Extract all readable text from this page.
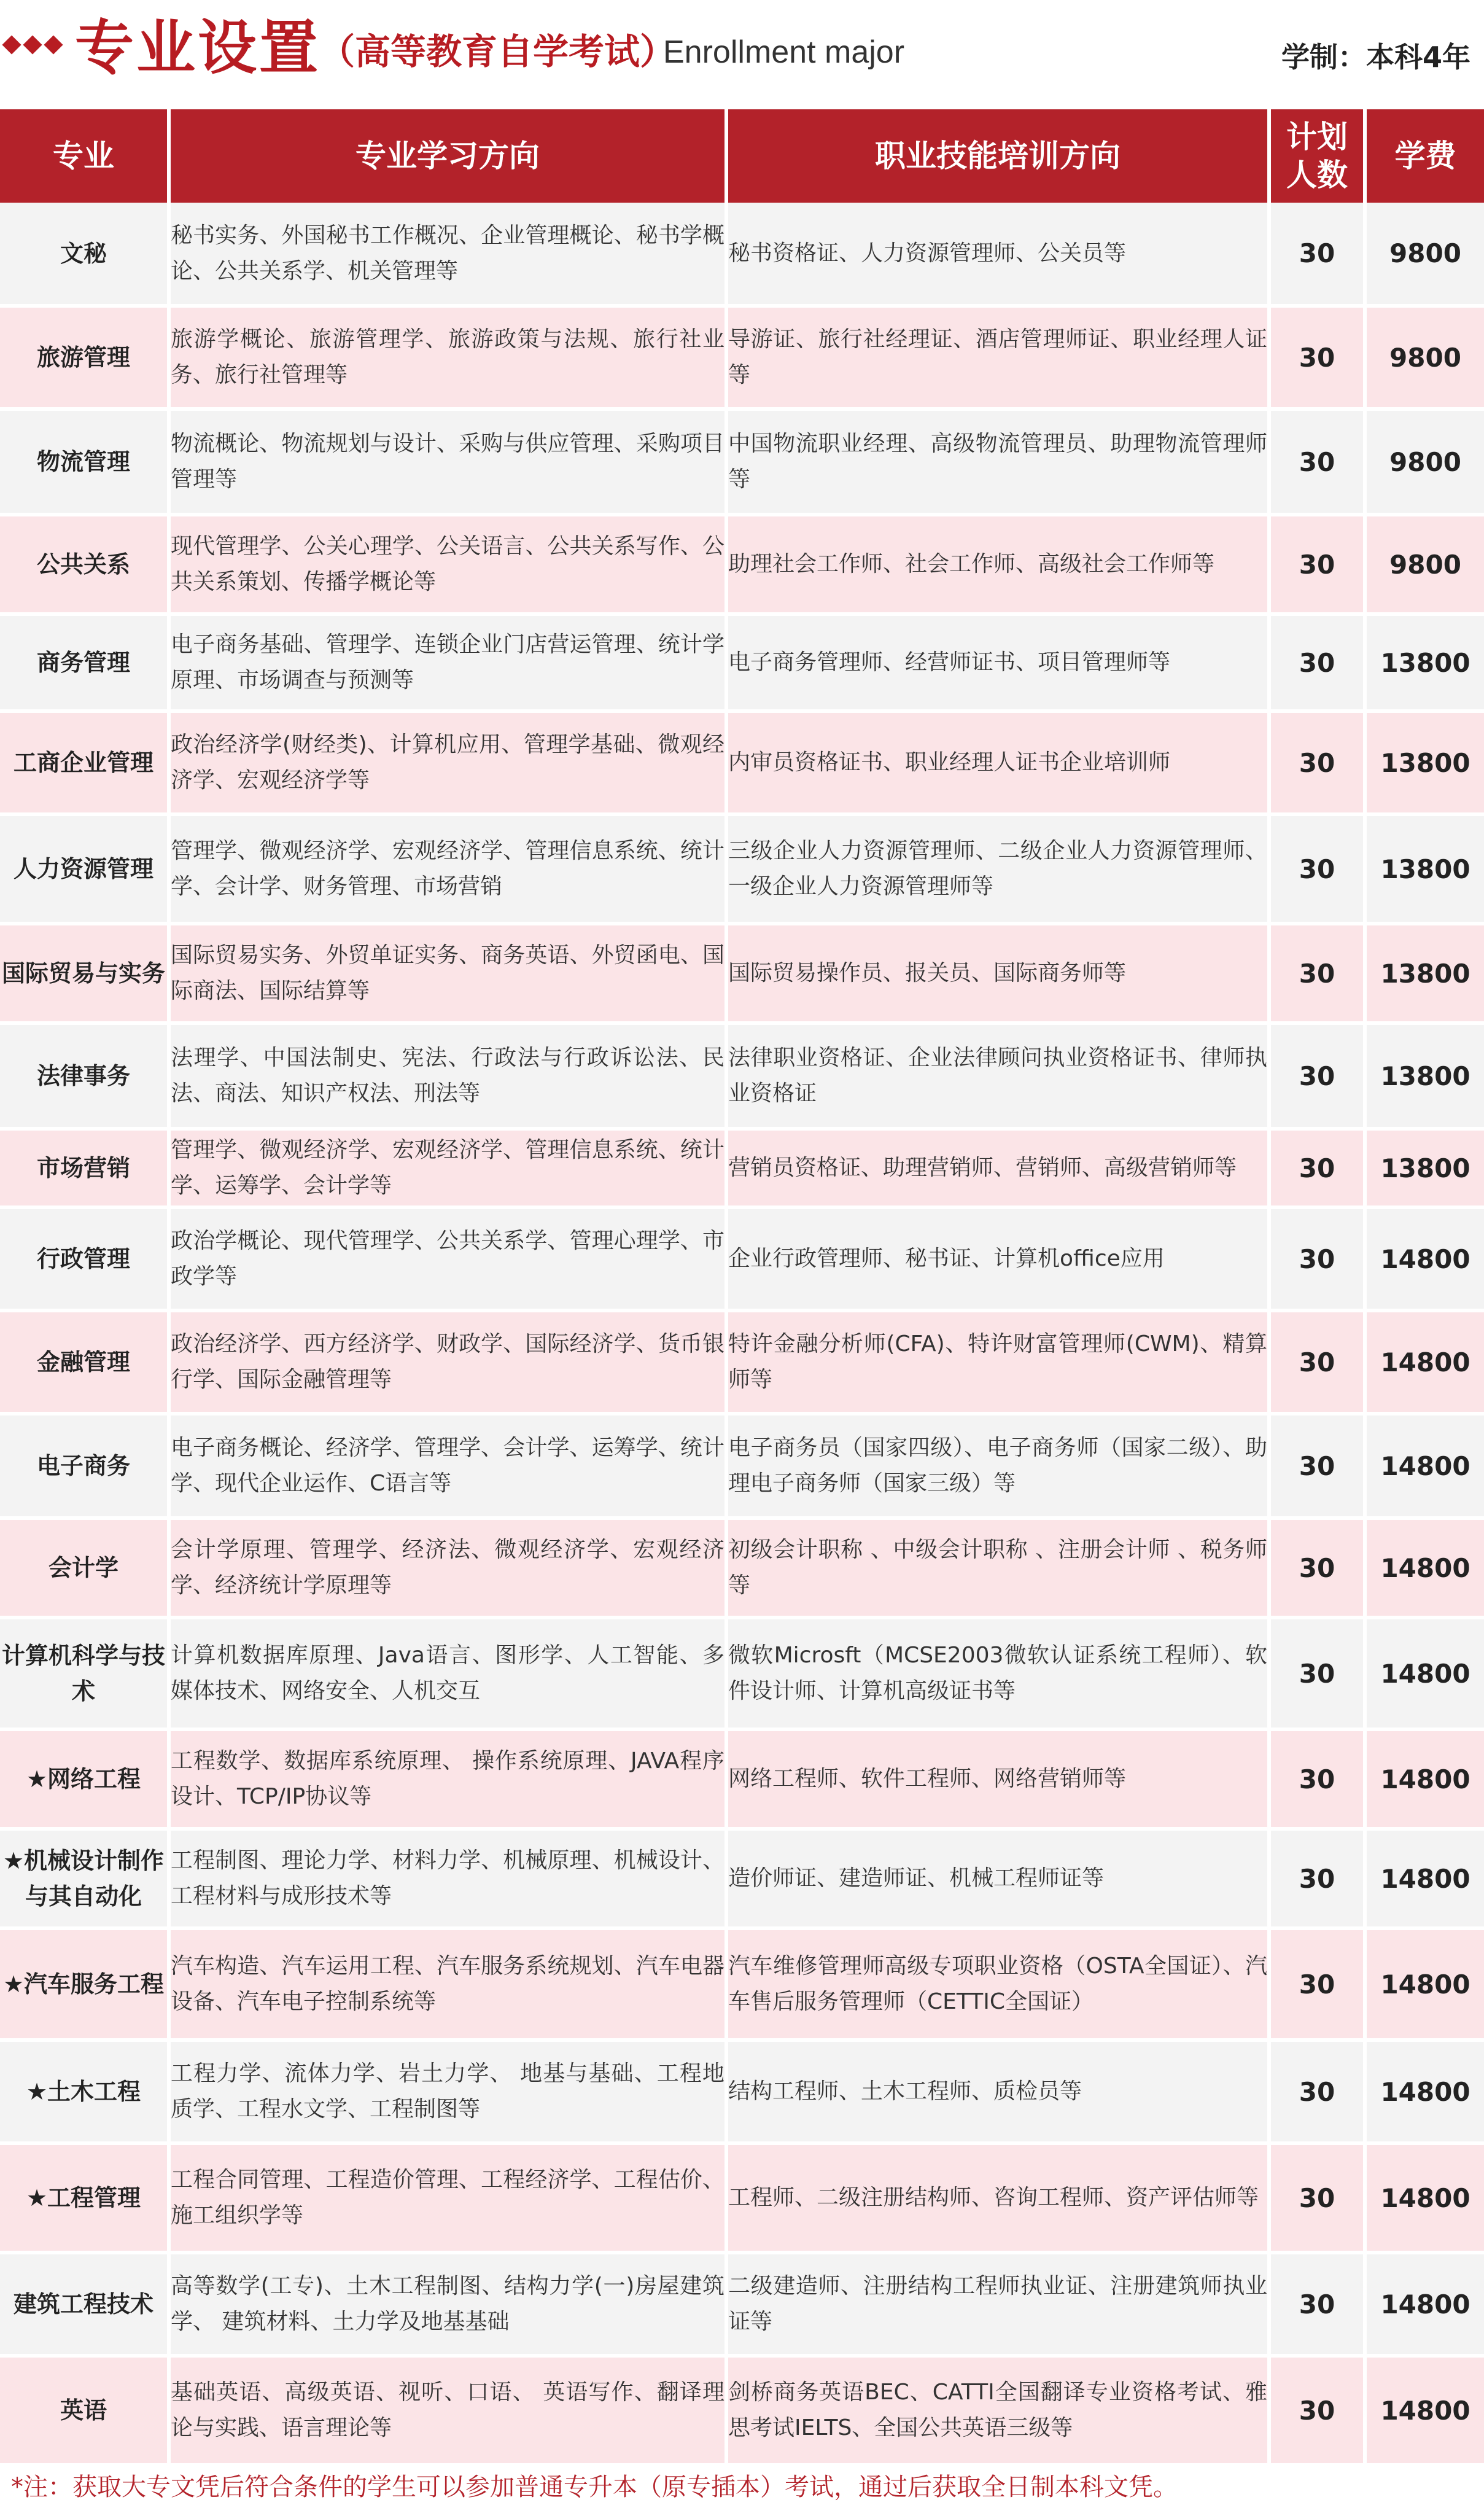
专业设置
（高等教育自学考试）
Enrollment major	学制：本科4年
专业	专业学习方向	职业技能培训方向	计划人数	学费
文秘	秘书实务、外国秘书工作概况、企业管理概论、秘书学概论、公共关系学、机关管理等	秘书资格证、人力资源管理师、公关员等	30	9800
旅游管理	旅游学概论、旅游管理学、旅游政策与法规、旅行社业务、旅行社管理等	导游证、旅行社经理证、酒店管理师证、职业经理人证等	30	9800
物流管理	物流概论、物流规划与设计、采购与供应管理、采购项目管理等	中国物流职业经理、高级物流管理员、助理物流管理师等	30	9800
公共关系	现代管理学、公关心理学、公关语言、公共关系写作、公共关系策划、传播学概论等	助理社会工作师、社会工作师、高级社会工作师等	30	9800
商务管理	电子商务基础、管理学、连锁企业门店营运管理、统计学原理、市场调查与预测等	电子商务管理师、经营师证书、项目管理师等	30	13800
工商企业管理	政治经济学(财经类)、计算机应用、管理学基础、微观经济学、宏观经济学等	内审员资格证书、职业经理人证书企业培训师	30	13800
人力资源管理	管理学、微观经济学、宏观经济学、管理信息系统、统计学、会计学、财务管理、市场营销	三级企业人力资源管理师、二级企业人力资源管理师、一级企业人力资源管理师等	30	13800
国际贸易与实务	国际贸易实务、外贸单证实务、商务英语、外贸函电、国际商法、国际结算等	国际贸易操作员、报关员、国际商务师等	30	13800
法律事务	法理学、中国法制史、宪法、行政法与行政诉讼法、民法、商法、知识产权法、刑法等	法律职业资格证、企业法律顾问执业资格证书、律师执业资格证	30	13800
市场营销	管理学、微观经济学、宏观经济学、管理信息系统、统计学、运筹学、会计学等	营销员资格证、助理营销师、营销师、高级营销师等	30	13800
行政管理	政治学概论、现代管理学、公共关系学、管理心理学、市政学等	企业行政管理师、秘书证、计算机office应用	30	14800
金融管理	政治经济学、西方经济学、财政学、国际经济学、货币银行学、国际金融管理等	特许金融分析师(CFA)、特许财富管理师(CWM)、精算师等	30	14800
电子商务	电子商务概论、经济学、管理学、会计学、运筹学、统计学、现代企业运作、C语言等	电子商务员（国家四级）、电子商务师（国家二级）、助理电子商务师（国家三级）等	30	14800
会计学	会计学原理、管理学、经济法、微观经济学、宏观经济学、经济统计学原理等	初级会计职称 、中级会计职称 、注册会计师 、税务师等	30	14800
计算机科学与技术	计算机数据库原理、Java语言、图形学、人工智能、多媒体技术、网络安全、人机交互	微软Microsft（MCSE2003微软认证系统工程师）、软件设计师、计算机高级证书等	30	14800
★网络工程	工程数学、数据库系统原理、 操作系统原理、JAVA程序设计、TCP/IP协议等	网络工程师、软件工程师、网络营销师等	30	14800
★机械设计制作与其自动化	工程制图、理论力学、材料力学、机械原理、机械设计、工程材料与成形技术等	造价师证、建造师证、机械工程师证等	30	14800
★汽车服务工程	汽车构造、汽车运用工程、汽车服务系统规划、汽车电器设备、汽车电子控制系统等	汽车维修管理师高级专项职业资格（OSTA全国证）、汽车售后服务管理师（CETTIC全国证）	30	14800
★土木工程	工程力学、流体力学、岩土力学、 地基与基础、工程地质学、工程水文学、工程制图等	结构工程师、土木工程师、质检员等	30	14800
★工程管理	工程合同管理、工程造价管理、工程经济学、工程估价、施工组织学等	工程师、二级注册结构师、咨询工程师、资产评估师等	30	14800
建筑工程技术	高等数学(工专)、土木工程制图、结构力学(一)房屋建筑学、 建筑材料、土力学及地基基础	二级建造师、注册结构工程师执业证、注册建筑师执业证等	30	14800
英语	基础英语、高级英语、视听、口语、 英语写作、翻译理论与实践、语言理论等	剑桥商务英语BEC、CATTI全国翻译专业资格考试、雅思考试IELTS、全国公共英语三级等	30	14800
*注：获取大专文凭后符合条件的学生可以参加普通专升本（原专插本）考试，通过后获取全日制本科文凭。
